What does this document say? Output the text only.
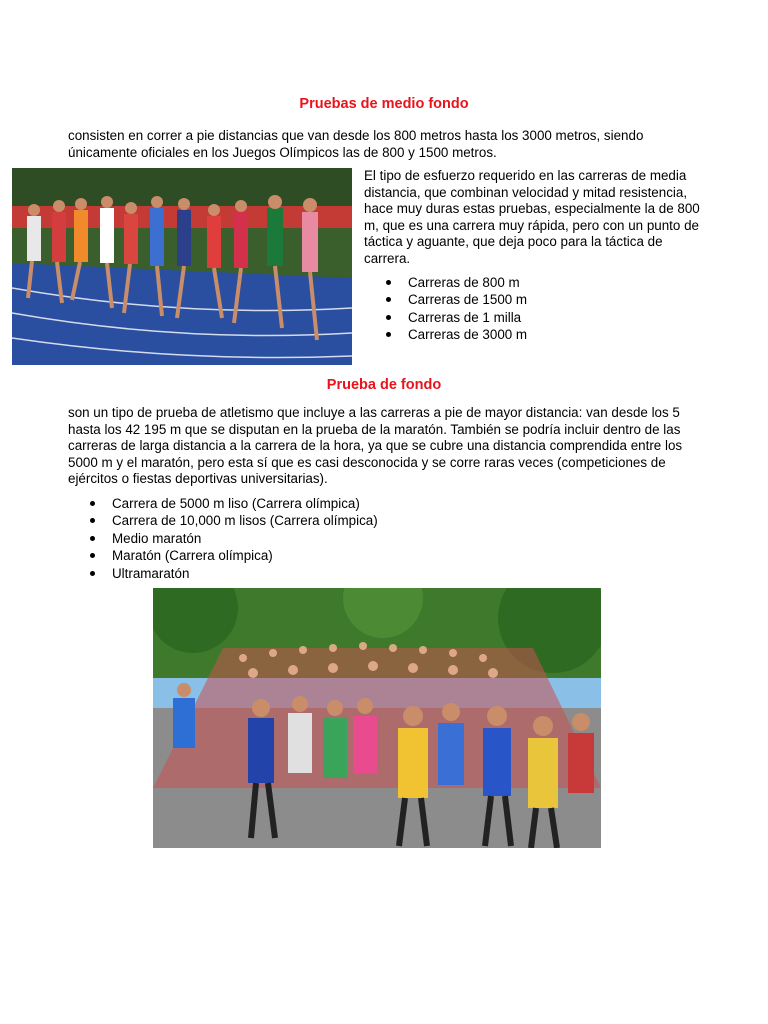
Pruebas de medio fondo

consisten en correr a pie distancias que van desde los 800 metros hasta los 3000 metros, siendo únicamente oficiales en los Juegos Olímpicos las de 800 y 1500 metros.

El tipo de esfuerzo requerido en las carreras de media distancia, que combinan velocidad y mitad resistencia, hace muy duras estas pruebas, especialmente la de 800 m, que es una carrera muy rápida, pero con un punto de táctica y aguante, que deja poco para la táctica de carrera.

Carreras de 800 m
Carreras de 1500 m
Carreras de 1 milla
Carreras de 3000 m
Prueba de fondo

son un tipo de prueba de atletismo que incluye a las carreras a pie de mayor distancia: van desde los 5 hasta los 42 195 m que se disputan en la prueba de la maratón. También se podría incluir dentro de las carreras de larga distancia a la carrera de la hora, ya que se cubre una distancia comprendida entre los 5000 m y el maratón, pero esta sí que es casi desconocida y se corre raras veces (competiciones de ejércitos o fiestas deportivas universitarias).

Carrera de 5000 m liso (Carrera olímpica)
Carrera de 10,000 m lisos (Carrera olímpica)
Medio maratón
Maratón (Carrera olímpica)
Ultramaratón
